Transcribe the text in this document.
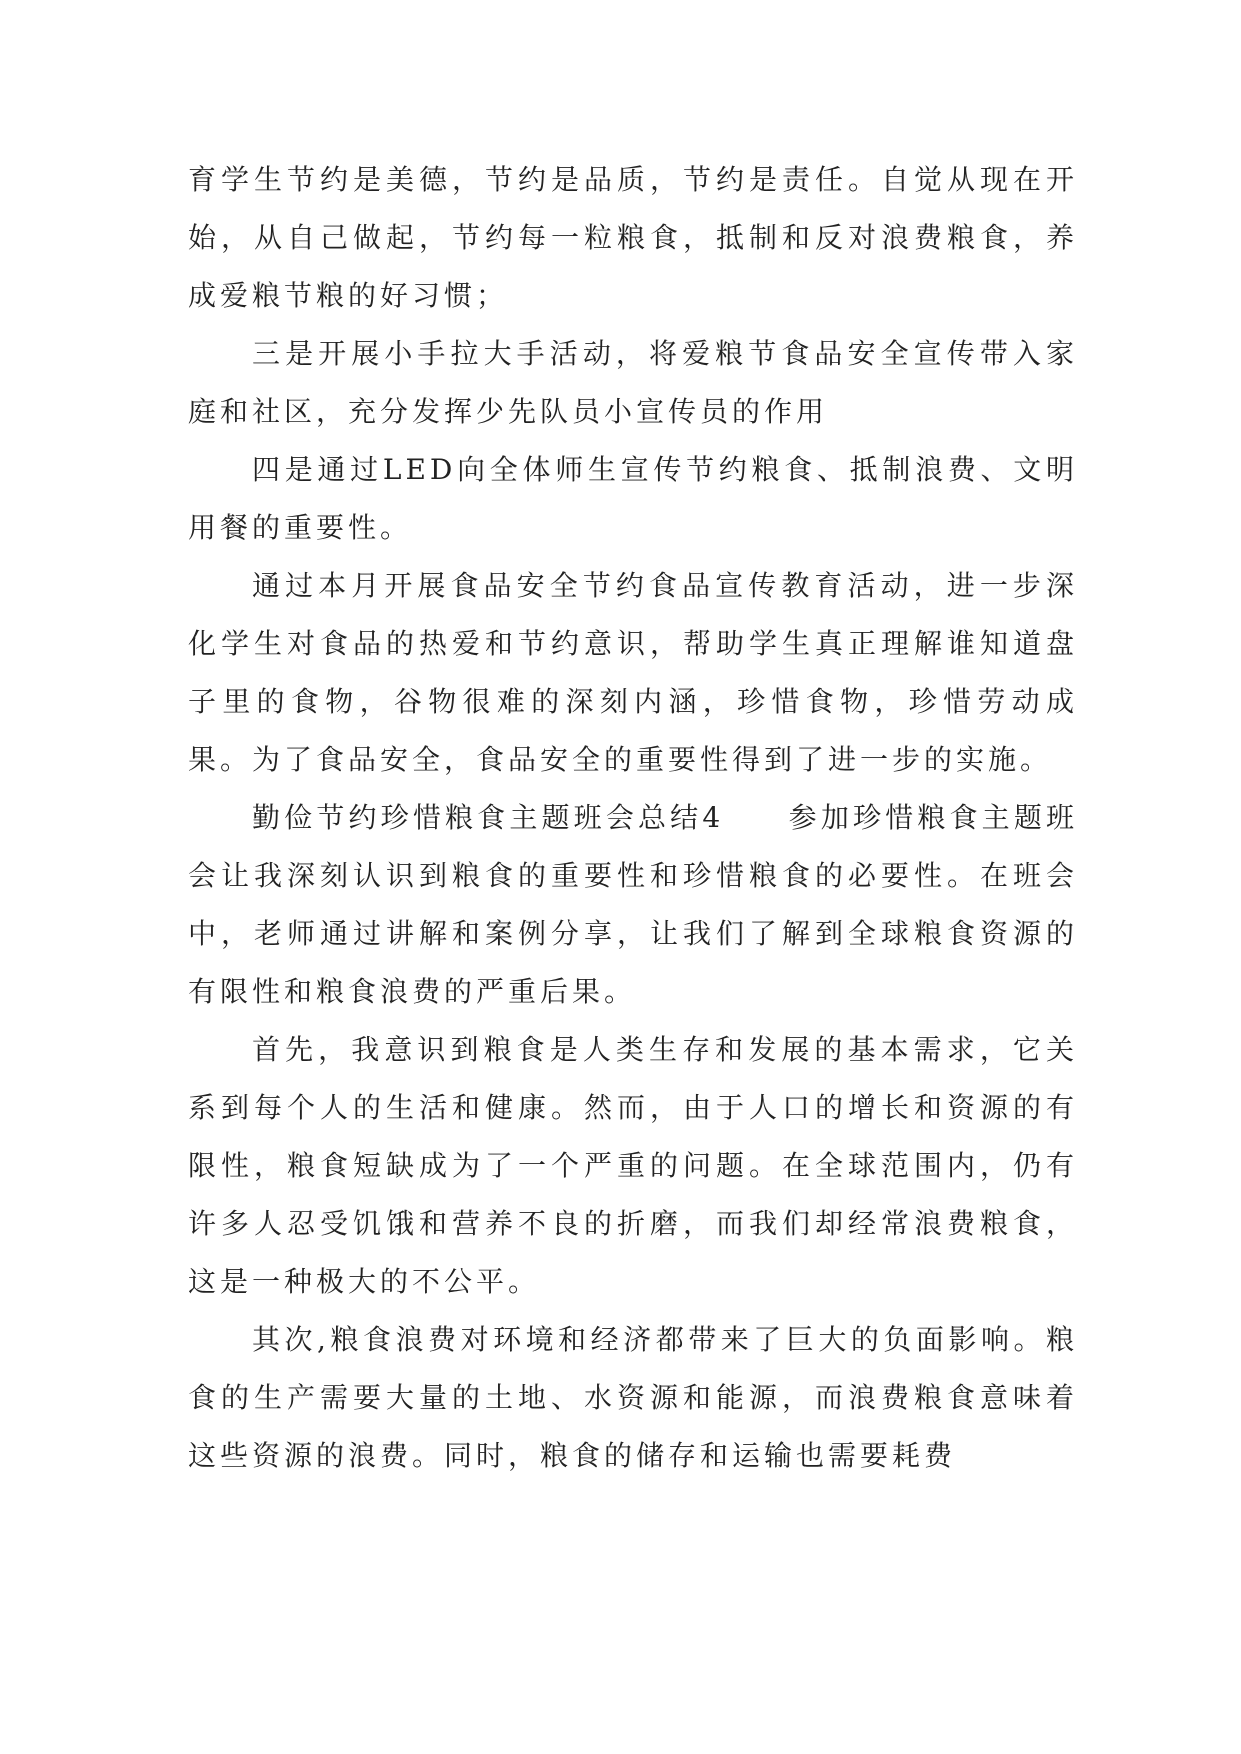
育学生节约是美德，节约是品质，节约是责任。自觉从现在开始，从自己做起，节约每一粒粮食，抵制和反对浪费粮食，养成爱粮节粮的好习惯；

三是开展小手拉大手活动，将爱粮节食品安全宣传带入家庭和社区，充分发挥少先队员小宣传员的作用

四是通过LED向全体师生宣传节约粮食、抵制浪费、文明用餐的重要性。

通过本月开展食品安全节约食品宣传教育活动，进一步深化学生对食品的热爱和节约意识，帮助学生真正理解谁知道盘子里的食物，谷物很难的深刻内涵，珍惜食物，珍惜劳动成果。为了食品安全，食品安全的重要性得到了进一步的实施。

勤俭节约珍惜粮食主题班会总结4　　参加珍惜粮食主题班会让我深刻认识到粮食的重要性和珍惜粮食的必要性。在班会中，老师通过讲解和案例分享，让我们了解到全球粮食资源的有限性和粮食浪费的严重后果。

首先，我意识到粮食是人类生存和发展的基本需求，它关系到每个人的生活和健康。然而，由于人口的增长和资源的有限性，粮食短缺成为了一个严重的问题。在全球范围内，仍有许多人忍受饥饿和营养不良的折磨，而我们却经常浪费粮食，这是一种极大的不公平。

其次,粮食浪费对环境和经济都带来了巨大的负面影响。粮食的生产需要大量的土地、水资源和能源，而浪费粮食意味着这些资源的浪费。同时，粮食的储存和运输也需要耗费
